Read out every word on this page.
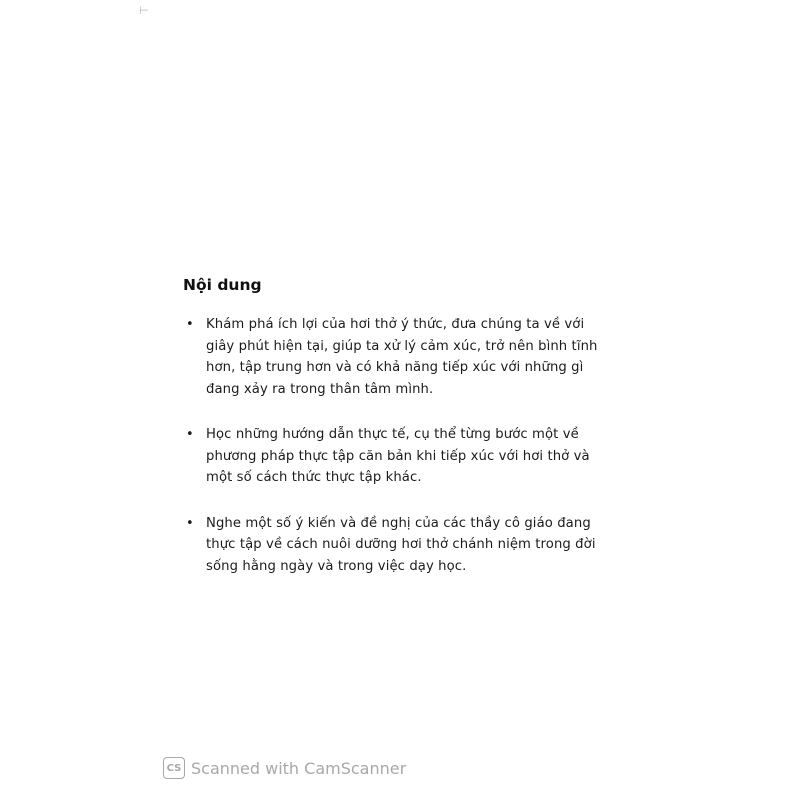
⊢
Nội dung
• Khám phá ích lợi của hơi thở ý thức, đưa chúng ta về với
giây phút hiện tại, giúp ta xử lý cảm xúc, trở nên bình tĩnh
hơn, tập trung hơn và có khả năng tiếp xúc với những gì
đang xảy ra trong thân tâm mình.
• Học những hướng dẫn thực tế, cụ thể từng bước một về
phương pháp thực tập căn bản khi tiếp xúc với hơi thở và
một số cách thức thực tập khác.
• Nghe một số ý kiến và đề nghị của các thầy cô giáo đang
thực tập về cách nuôi dưỡng hơi thở chánh niệm trong đời
sống hằng ngày và trong việc dạy học.
CS Scanned with CamScanner
